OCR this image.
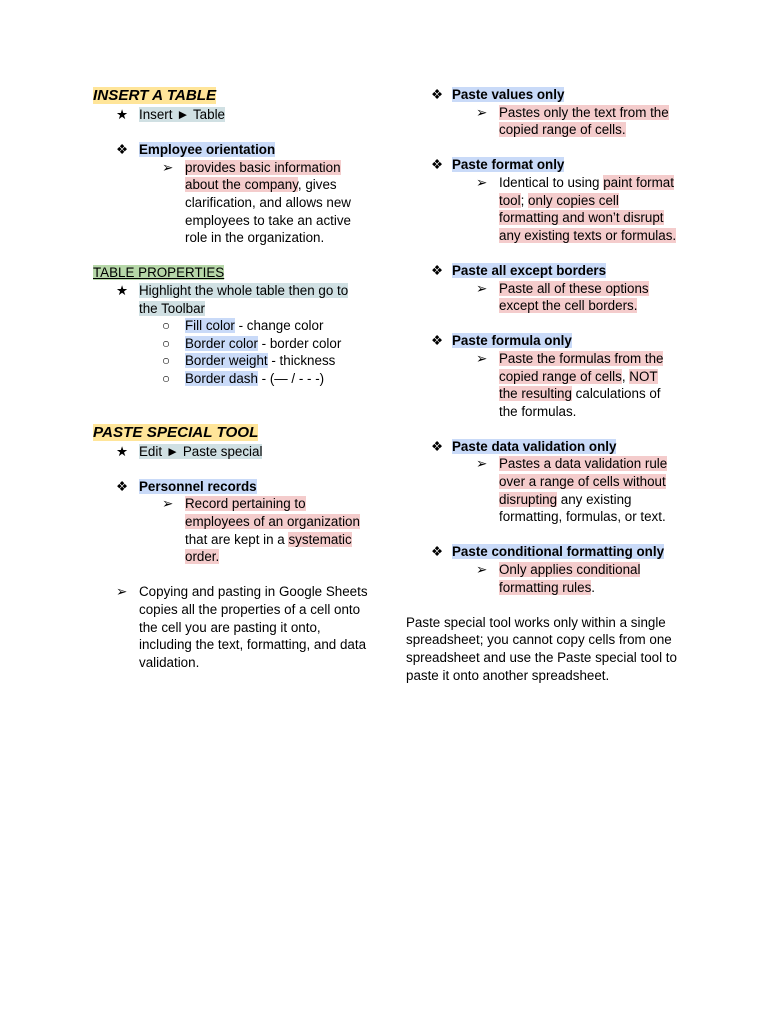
INSERT A TABLE
★ Insert ► Table
❖ Employee orientation
➢ provides basic information about the company, gives clarification, and allows new employees to take an active role in the organization.
TABLE PROPERTIES
★ Highlight the whole table then go to the Toolbar
○	Fill color - change color
○	Border color - border color
○	Border weight - thickness
○	Border dash - (— / - - -)
PASTE SPECIAL TOOL
★ Edit ► Paste special
❖ Personnel records
➢ Record pertaining to employees of an organization that are kept in a systematic order.
➢ Copying and pasting in Google Sheets copies all the properties of a cell onto the cell you are pasting it onto, including the text, formatting, and data validation.
❖ Paste values only
➢ Pastes only the text from the copied range of cells.
❖ Paste format only
➢ Identical to using paint format tool; only copies cell formatting and won’t disrupt any existing texts or formulas.
❖ Paste all except borders
➢ Paste all of these options except the cell borders.
❖ Paste formula only
➢ Paste the formulas from the copied range of cells, NOT the resulting calculations of the formulas.
❖ Paste data validation only
➢ Pastes a data validation rule over a range of cells without disrupting any existing formatting, formulas, or text.
❖ Paste conditional formatting only
➢ Only applies conditional formatting rules.
Paste special tool works only within a single spreadsheet; you cannot copy cells from one spreadsheet and use the Paste special tool to paste it onto another spreadsheet.
